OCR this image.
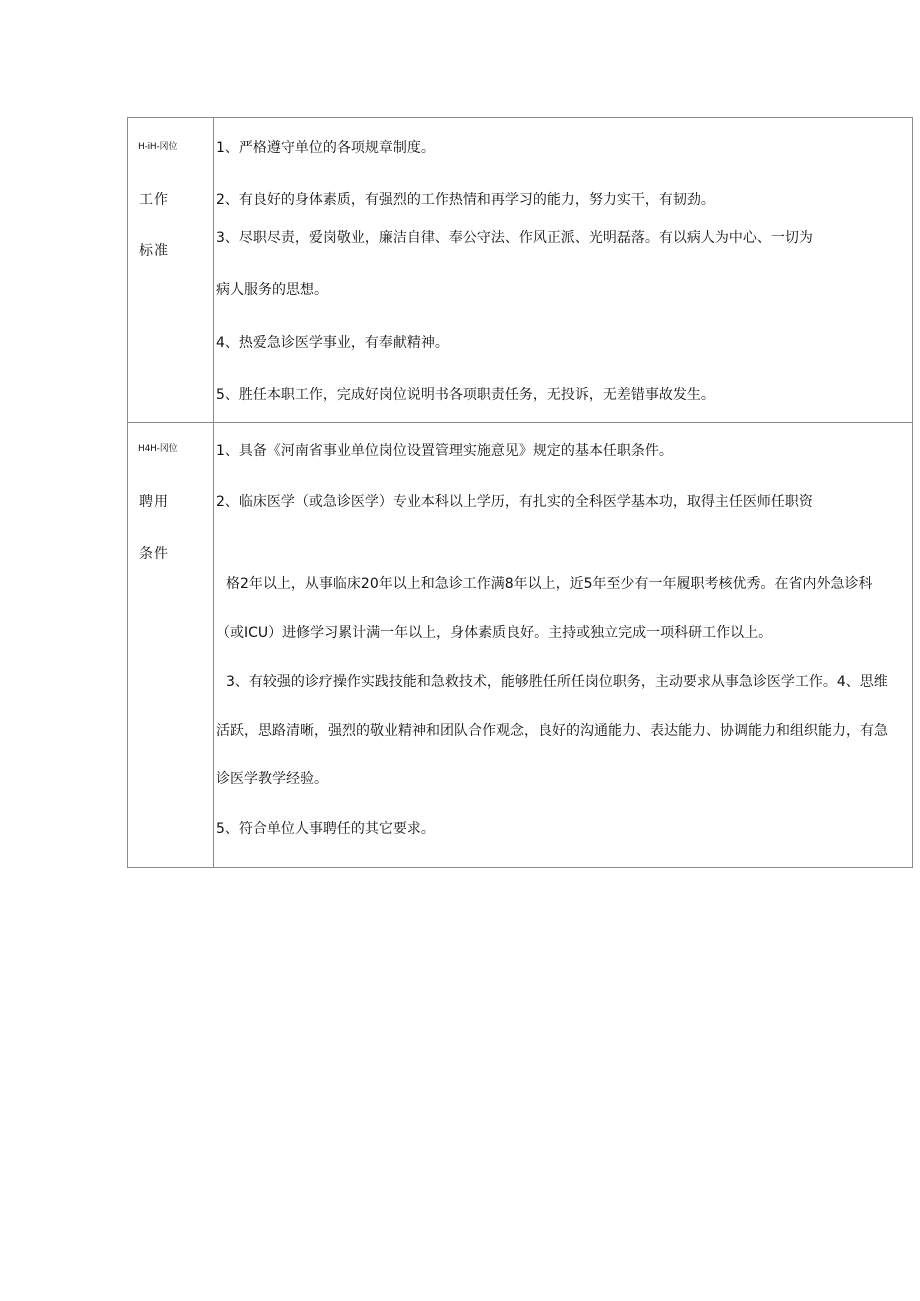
H-iH-冈位
工作
标准
1、严格遵守单位的各项规章制度。
2、有良好的身体素质，有强烈的工作热情和再学习的能力，努力实干，有韧劲。
3、尽职尽责，爱岗敬业，廉洁自律、奉公守法、作风正派、光明磊落。有以病人为中心、一切为
病人服务的思想。
4、热爱急诊医学事业，有奉献精神。
5、胜任本职工作，完成好岗位说明书各项职责任务，无投诉，无差错事故发生。
H4H-冈位
聘用
条件
1、具备《河南省事业单位岗位设置管理实施意见》规定的基本任职条件。
2、临床医学（或急诊医学）专业本科以上学历，有扎实的全科医学基本功，取得主任医师任职资
格2年以上，从事临床20年以上和急诊工作满8年以上，近5年至少有一年履职考核优秀。在省内外急诊科
（或ICU）进修学习累计满一年以上，身体素质良好。主持或独立完成一项科研工作以上。
3、有较强的诊疗操作实践技能和急救技术，能够胜任所任岗位职务，主动要求从事急诊医学工作。4、思维
活跃，思路清晰，强烈的敬业精神和团队合作观念，良好的沟通能力、表达能力、协调能力和组织能力，有急
诊医学教学经验。
5、符合单位人事聘任的其它要求。
